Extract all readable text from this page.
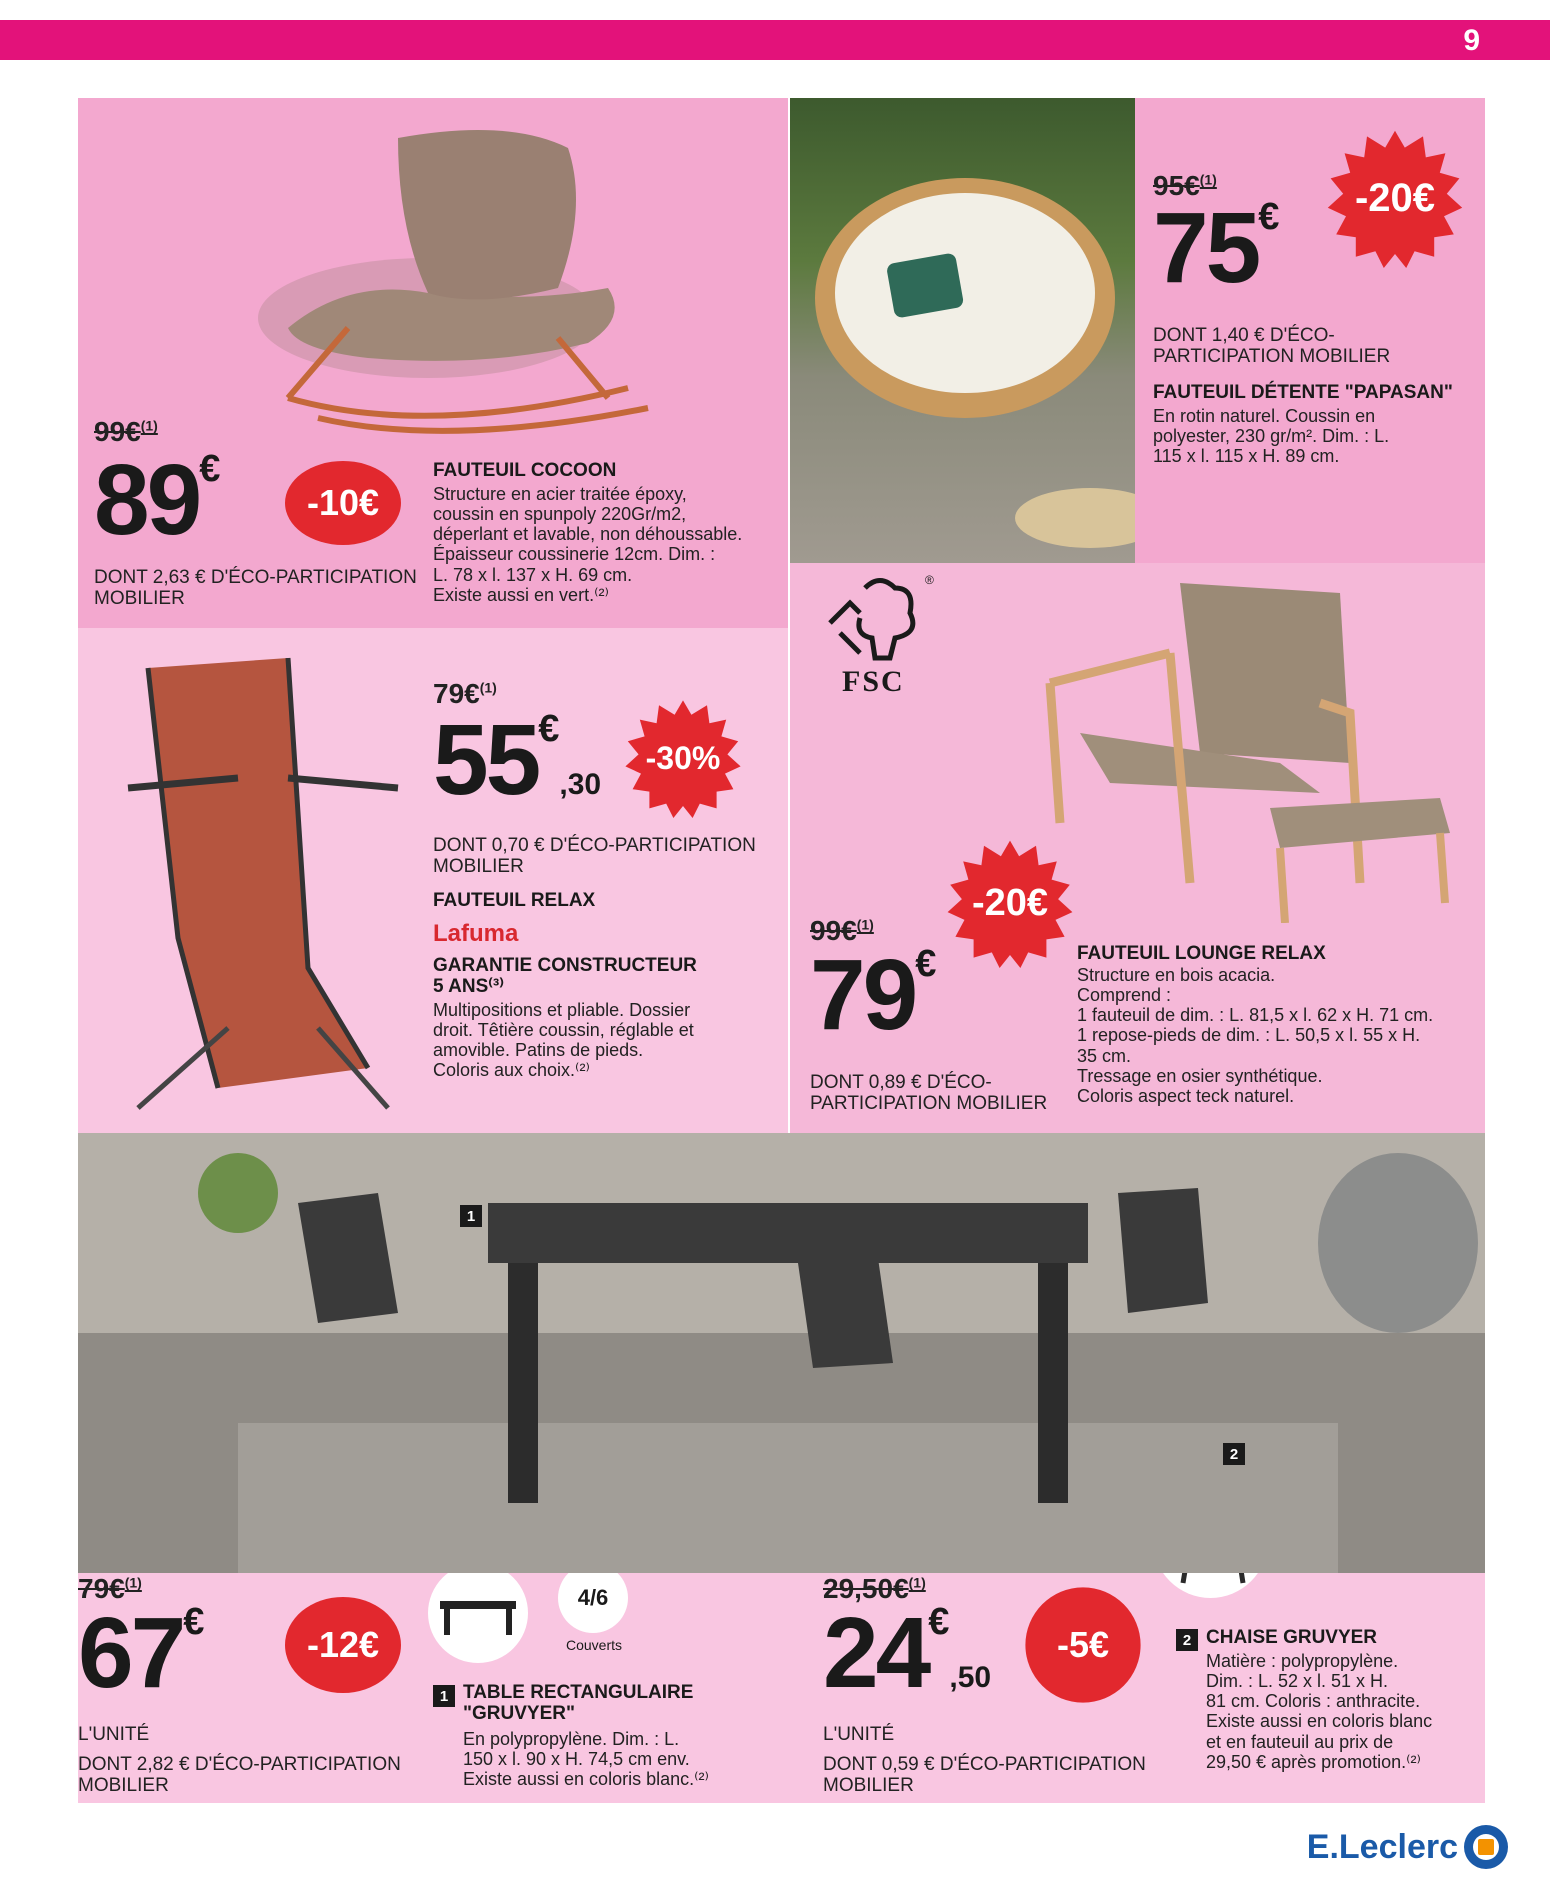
9
99€$^{(1)}$
89€
-10€
DONT 2,63 € D'ÉCO-PARTICIPATION MOBILIER
FAUTEUIL COCOON
Structure en acier traitée époxy,
coussin en spunpoly 220Gr/m2,
déperlant et lavable, non déhoussable.
Épaisseur coussinerie 12cm. Dim. :
L. 78 x l. 137 x H. 69 cm.
Existe aussi en vert.⁽²⁾
95€$^{(1)}$
75€	-20€
DONT 1,40 € D'ÉCO-PARTICIPATION MOBILIER
FAUTEUIL DÉTENTE "PAPASAN"
En rotin naturel. Coussin en
polyester, 230 gr/m². Dim. : L.
115 x l. 115 x H. 89 cm.
79€$^{(1)}$
55€,30
-30%
DONT 0,70 € D'ÉCO-PARTICIPATION MOBILIER
FAUTEUIL RELAX
Lafuma
GARANTIE CONSTRUCTEUR
5 ANS⁽³⁾
Multipositions et pliable. Dossier
droit. Têtière coussin, réglable et
amovible. Patins de pieds.
Coloris aux choix.⁽²⁾
®
FSC
-20€
99€$^{(1)}$
79€
DONT 0,89 € D'ÉCO- PARTICIPATION MOBILIER
FAUTEUIL LOUNGE RELAX
Structure en bois acacia.
Comprend :
1 fauteuil de dim. : L. 81,5 x l. 62 x H. 71 cm.
1 repose-pieds de dim. : L. 50,5 x l. 55 x H.
35 cm.
Tressage en osier synthétique.
Coloris aspect teck naturel.
1
2
79€$^{(1)}$
67€
-12€
L'UNITÉ
DONT 2,82 € D'ÉCO-PARTICIPATION MOBILIER
4/6
Couverts
1 TABLE RECTANGULAIRE
"GRUVYER"
En polypropylène. Dim. : L.
150 x l. 90 x H. 74,5 cm env.
Existe aussi en coloris blanc.⁽²⁾
29,50€$^{(1)}$
24€,50
-5€
L'UNITÉ
DONT 0,59 € D'ÉCO-PARTICIPATION MOBILIER
2 CHAISE GRUVYER
Matière : polypropylène.
Dim. : L. 52 x l. 51 x H.
81 cm. Coloris : anthracite.
Existe aussi en coloris blanc
et en fauteuil au prix de
29,50 € après promotion.⁽²⁾
E.Leclerc
